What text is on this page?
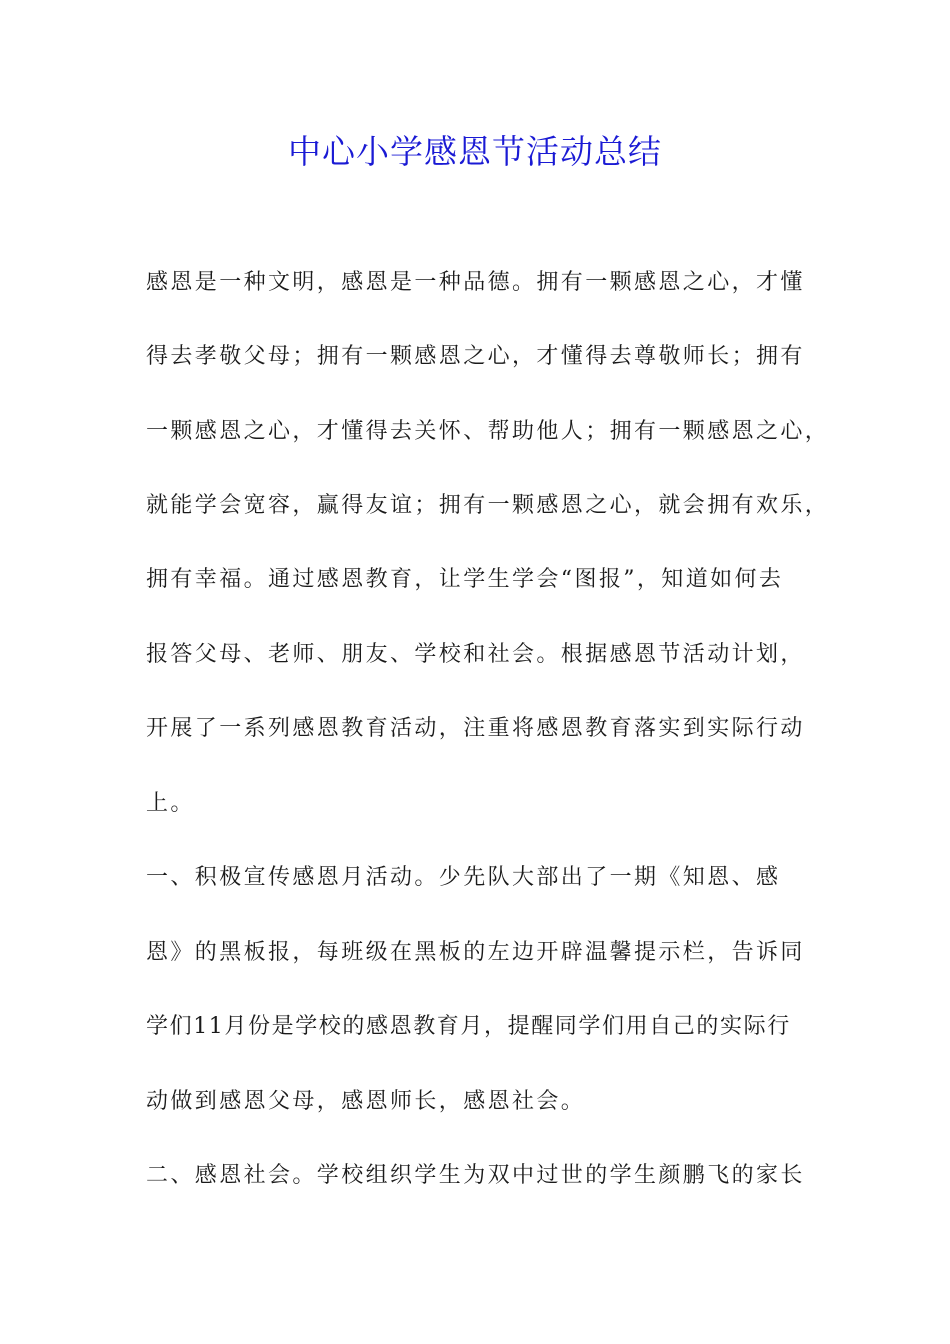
中心小学感恩节活动总结
感恩是一种文明，感恩是一种品德。拥有一颗感恩之心，才懂
得去孝敬父母；拥有一颗感恩之心，才懂得去尊敬师长；拥有
一颗感恩之心，才懂得去关怀、帮助他人；拥有一颗感恩之心，
就能学会宽容，赢得友谊；拥有一颗感恩之心，就会拥有欢乐，
拥有幸福。通过感恩教育，让学生学会“图报”，知道如何去
报答父母、老师、朋友、学校和社会。根据感恩节活动计划，
开展了一系列感恩教育活动，注重将感恩教育落实到实际行动
上。
一、积极宣传感恩月活动。少先队大部出了一期《知恩、感
恩》的黑板报，每班级在黑板的左边开辟温馨提示栏，告诉同
学们11月份是学校的感恩教育月，提醒同学们用自己的实际行
动做到感恩父母，感恩师长，感恩社会。
二、感恩社会。学校组织学生为双中过世的学生颜鹏飞的家长
